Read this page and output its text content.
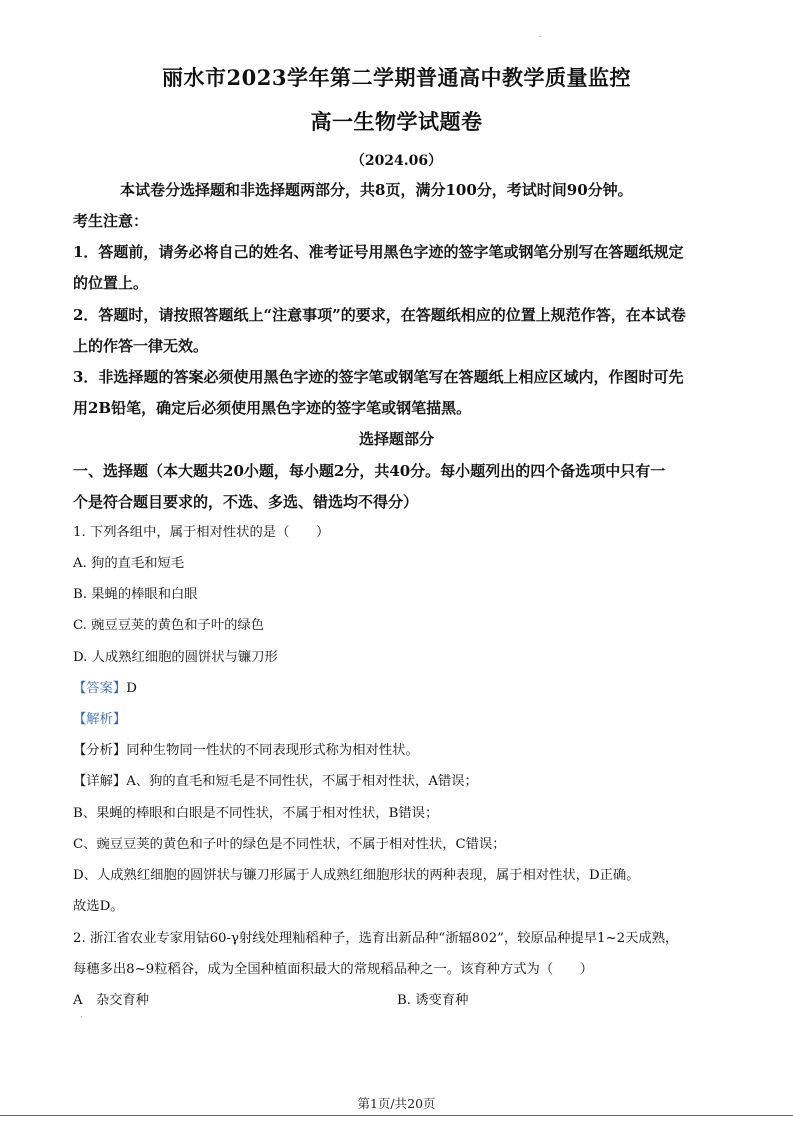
.
丽水市2023学年第二学期普通高中教学质量监控
高一生物学试题卷
（2024.06）
本试卷分选择题和非选择题两部分，共8页，满分100分，考试时间90分钟。
考生注意：
1．答题前，请务必将自己的姓名、准考证号用黑色字迹的签字笔或钢笔分别写在答题纸规定
的位置上。
2．答题时，请按照答题纸上“注意事项”的要求，在答题纸相应的位置上规范作答，在本试卷
上的作答一律无效。
3．非选择题的答案必须使用黑色字迹的签字笔或钢笔写在答题纸上相应区域内，作图时可先
用2B铅笔，确定后必须使用黑色字迹的签字笔或钢笔描黑。
选择题部分
一、选择题（本大题共20小题，每小题2分，共40分。每小题列出的四个备选项中只有一
个是符合题目要求的，不选、多选、错选均不得分）
1. 下列各组中，属于相对性状的是（　　）
A. 狗的直毛和短毛
B. 果蝇的棒眼和白眼
C. 豌豆豆荚的黄色和子叶的绿色
D. 人成熟红细胞的圆饼状与镰刀形
【答案】D
【解析】
【分析】同种生物同一性状的不同表现形式称为相对性状。
【详解】A、狗的直毛和短毛是不同性状，不属于相对性状，A错误；
B、果蝇的棒眼和白眼是不同性状，不属于相对性状，B错误；
C、豌豆豆荚的黄色和子叶的绿色是不同性状，不属于相对性状，C错误；
D、人成熟红细胞的圆饼状与镰刀形属于人成熟红细胞形状的两种表现，属于相对性状，D正确。
故选D。
2. 浙江省农业专家用钴60-γ射线处理籼稻种子，选育出新品种“浙辐802”，较原品种提早1~2天成熟，
每穗多出8~9粒稻谷，成为全国种植面积最大的常规稻品种之一。该育种方式为（　　）
A　杂交育种	B. 诱变育种
.
第1页/共20页
